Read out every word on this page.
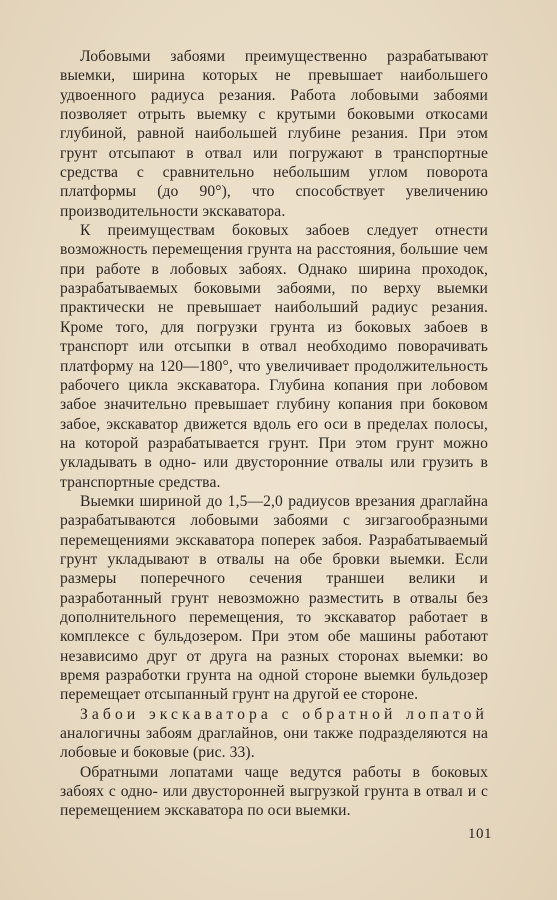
Лобовыми забоями преимущественно разрабатывают выемки, ширина которых не превышает наибольшего удвоенного радиуса резания. Работа лобовыми забоями позволяет отрыть выемку с крутыми боковыми откосами глубиной, равной наибольшей глубине резания. При этом грунт отсыпают в отвал или погружают в транспортные средства с сравнительно небольшим углом поворота платформы (до 90°), что способствует увеличению производительности экскаватора.

К преимуществам боковых забоев следует отнести возможность перемещения грунта на расстояния, большие чем при работе в лобовых забоях. Однако ширина проходок, разрабатываемых боковыми забоями, по верху выемки практически не превышает наибольший радиус резания. Кроме того, для погрузки грунта из боковых забоев в транспорт или отсыпки в отвал необходимо поворачивать платформу на 120—180°, что увеличивает продолжительность рабочего цикла экскаватора. Глубина копания при лобовом забое значительно превышает глубину копания при боковом забое, экскаватор движется вдоль его оси в пределах полосы, на которой разрабатывается грунт. При этом грунт можно укладывать в одно- или двусторонние отвалы или грузить в транспортные средства.

Выемки шириной до 1,5—2,0 радиусов врезания драглайна разрабатываются лобовыми забоями с зигзагообразными перемещениями экскаватора поперек забоя. Разрабатываемый грунт укладывают в отвалы на обе бровки выемки. Если размеры поперечного сечения траншеи велики и разработанный грунт невозможно разместить в отвалы без дополнительного перемещения, то экскаватор работает в комплексе с бульдозером. При этом обе машины работают независимо друг от друга на разных сторонах выемки: во время разработки грунта на одной стороне выемки бульдозер перемещает отсыпанный грунт на другой ее стороне.

Забои экскаватора с обратной лопатой аналогичны забоям драглайнов, они также подразделяются на лобовые и боковые (рис. 33).

Обратными лопатами чаще ведутся работы в боковых забоях с одно- или двусторонней выгрузкой грунта в отвал и с перемещением экскаватора по оси выемки.

101
